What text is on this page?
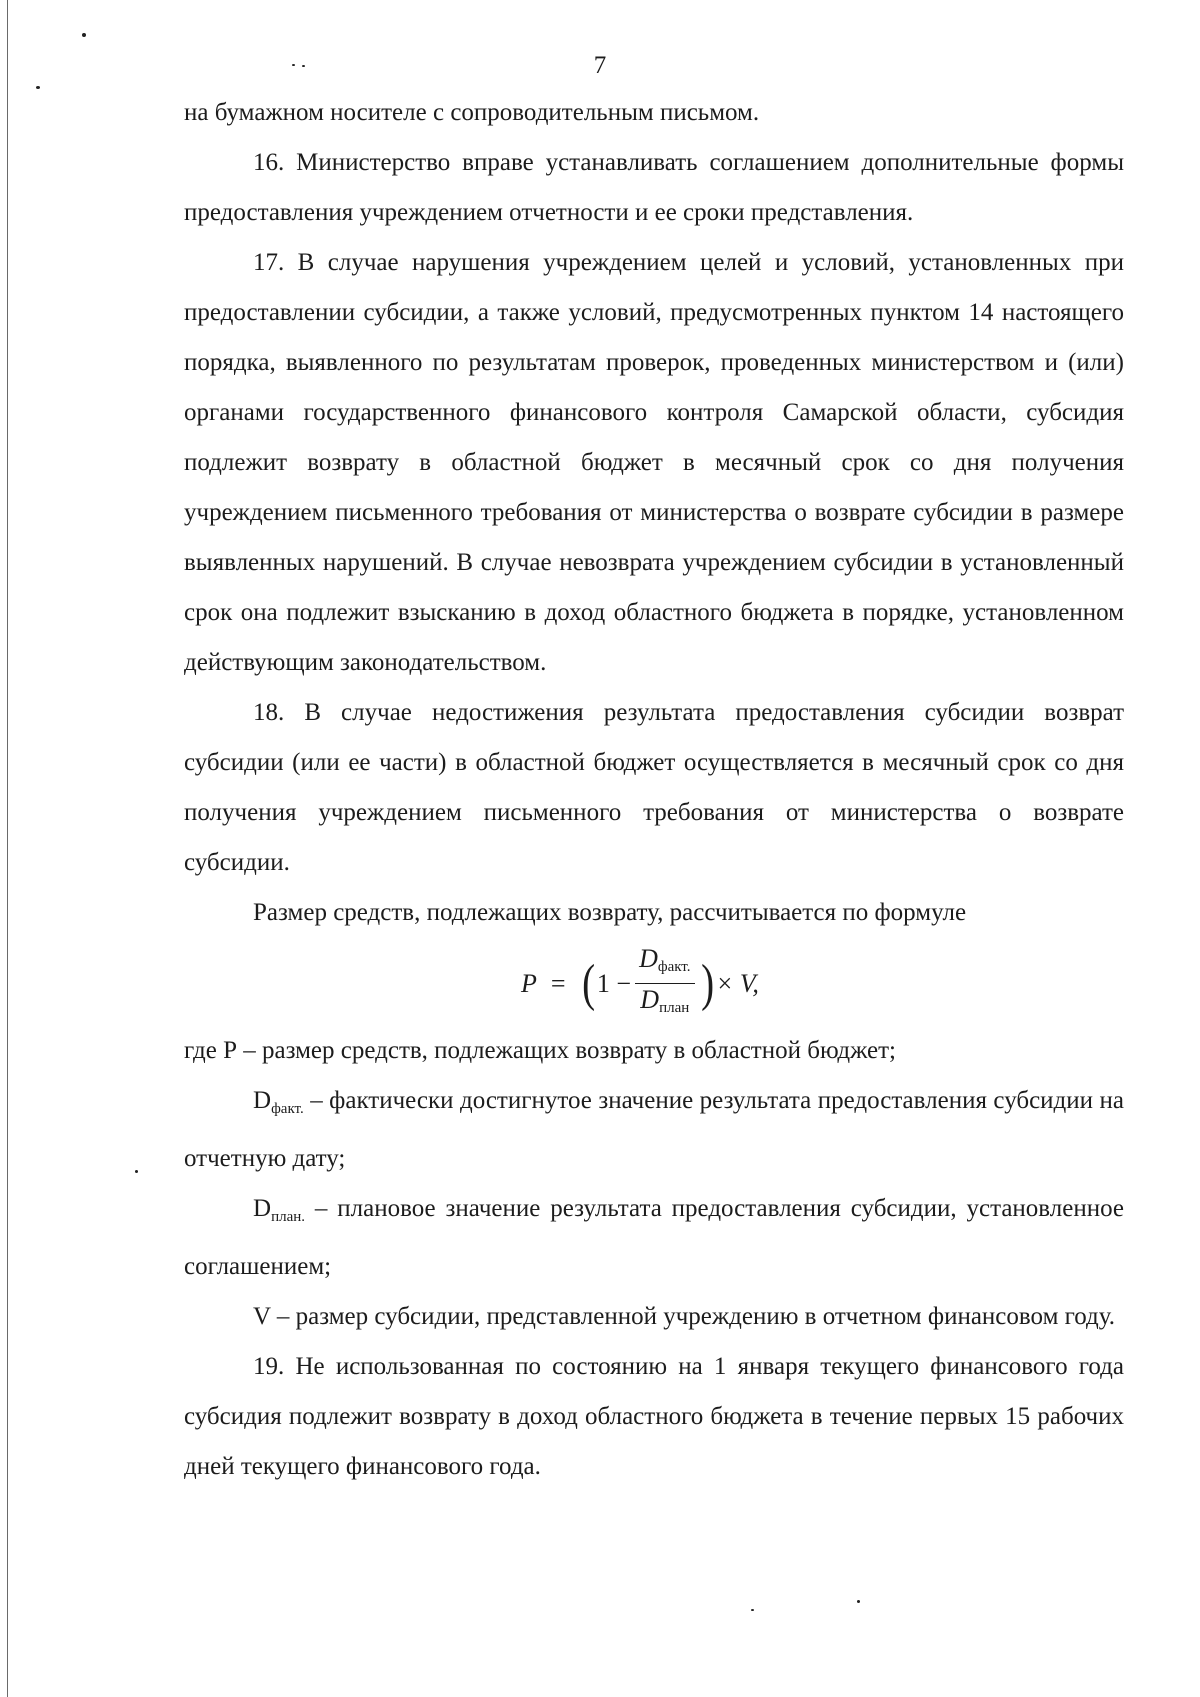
7

на бумажном носителе с сопроводительным письмом.

16. Министерство вправе устанавливать соглашением дополнительные формы предоставления учреждением отчетности и ее сроки представления.

17. В случае нарушения учреждением целей и условий, установленных при предоставлении субсидии, а также условий, предусмотренных пунктом 14 настоящего порядка, выявленного по результатам проверок, проведенных министерством и (или) органами государственного финансового контроля Самарской области, субсидия подлежит возврату в областной бюджет в месячный срок со дня получения учреждением письменного требования от министерства о возврате субсидии в размере выявленных нарушений. В случае невозврата учреждением субсидии в установленный срок она подлежит взысканию в доход областного бюджета в порядке, установленном действующим законодательством.

18. В случае недостижения результата предоставления субсидии возврат субсидии (или ее части) в областной бюджет осуществляется в месячный срок со дня получения учреждением письменного требования от министерства о возврате субсидии.

Размер средств, подлежащих возврату, рассчитывается по формуле

P = ( $1 - \frac{D_{факт.}}{D_{план}}$ ) × V,

где Р – размер средств, подлежащих возврату в областной бюджет;

$D_{факт.}$ – фактически достигнутое значение результата предоставления субсидии на отчетную дату;

$D_{план.}$ – плановое значение результата предоставления субсидии, установленное соглашением;

V – размер субсидии, представленной учреждению в отчетном финансовом году.

19. Не использованная по состоянию на 1 января текущего финансового года субсидия подлежит возврату в доход областного бюджета в течение первых 15 рабочих дней текущего финансового года.
